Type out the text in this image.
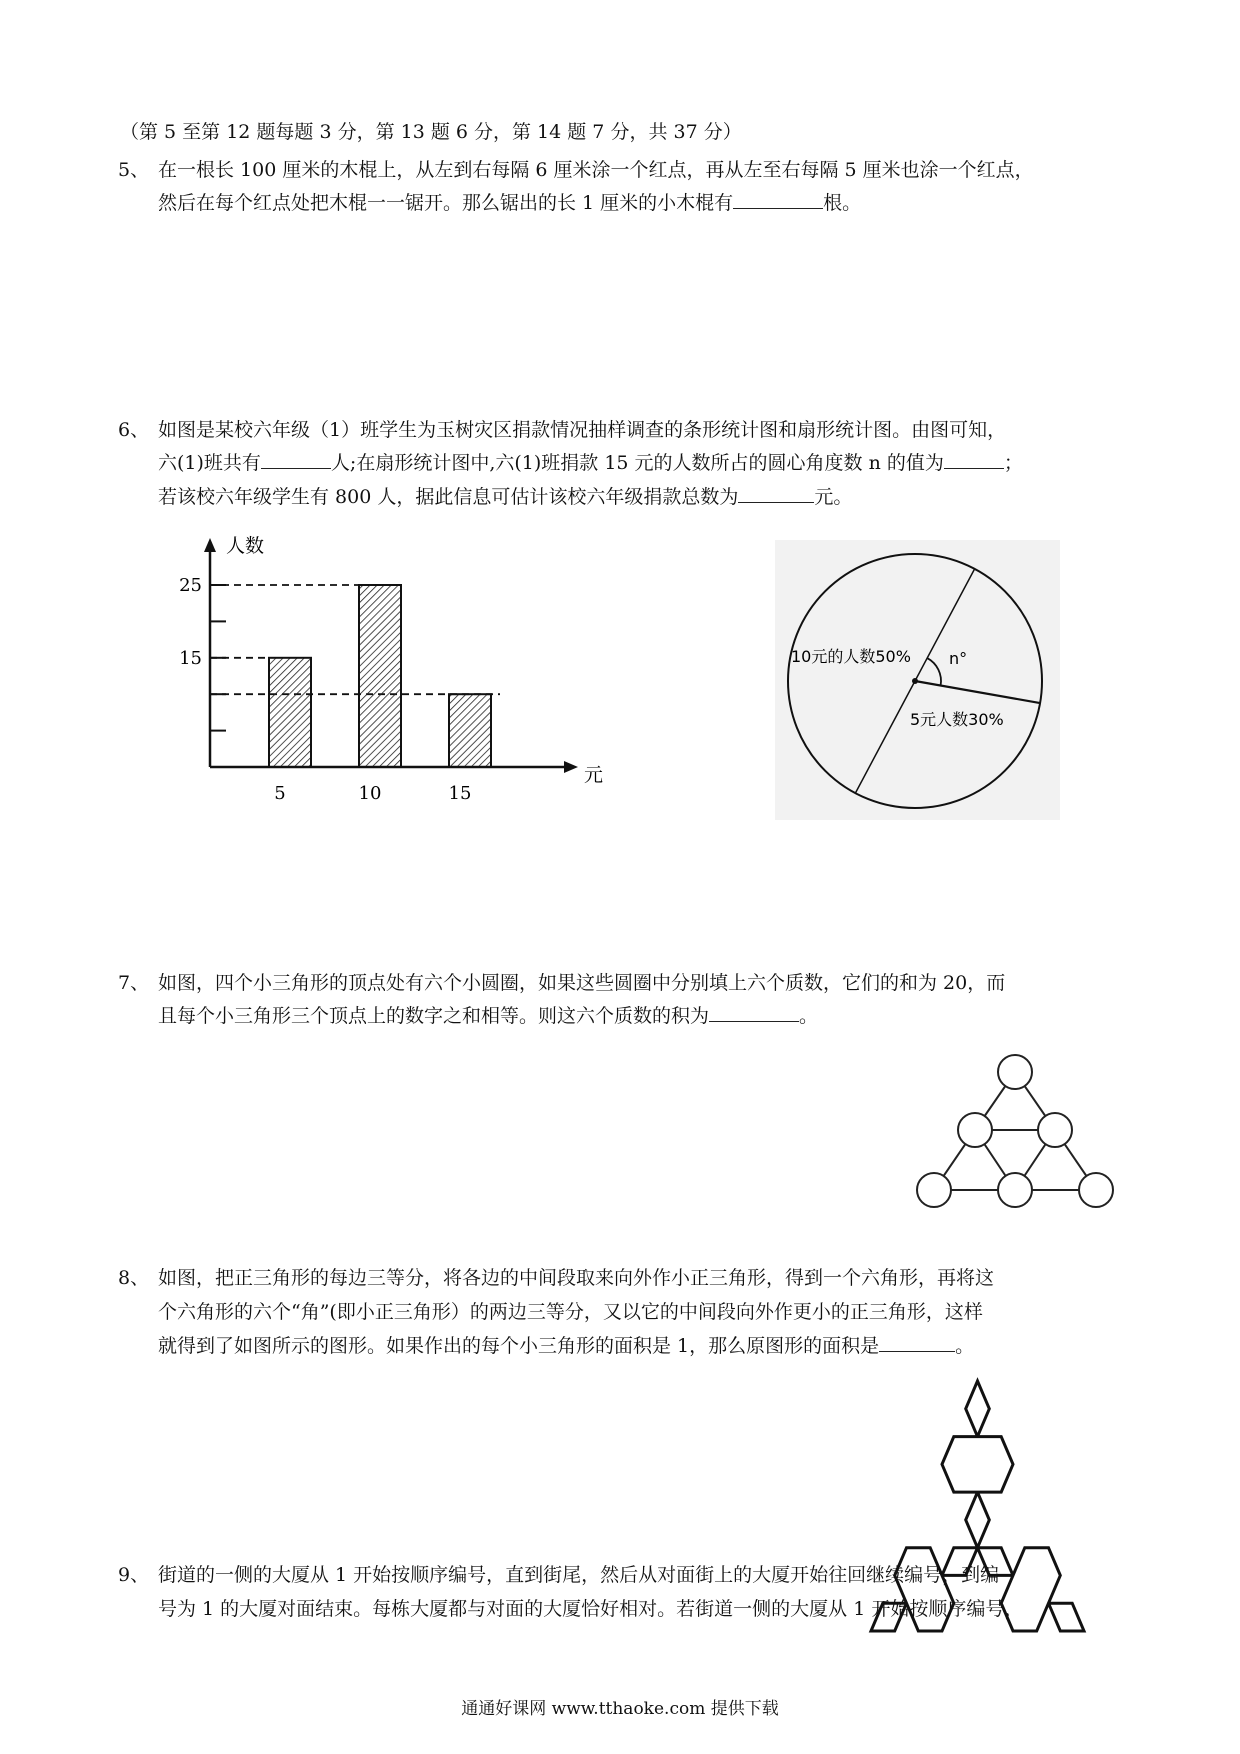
（第 5 至第 12 题每题 3 分，第 13 题 6 分，第 14 题 7 分，共 37 分）
5、 在一根长 100 厘米的木棍上，从左到右每隔 6 厘米涂一个红点，再从左至右每隔 5 厘米也涂一个红点，
然后在每个红点处把木棍一一锯开。那么锯出的长 1 厘米的小木棍有	根。
6、 如图是某校六年级（1）班学生为玉树灾区捐款情况抽样调查的条形统计图和扇形统计图。由图可知，
六(1)班共有	人;在扇形统计图中,六(1)班捐款 15 元的人数所占的圆心角度数 n 的值为	；
若该校六年级学生有 800 人，据此信息可估计该校六年级捐款总数为	元。
15
25
人数
元
5	10	15
10元的人数50%
5元人数30%
n°
7、 如图，四个小三角形的顶点处有六个小圆圈，如果这些圆圈中分别填上六个质数，它们的和为 20，而
且每个小三角形三个顶点上的数字之和相等。则这六个质数的积为	。
8、 如图，把正三角形的每边三等分，将各边的中间段取来向外作小正三角形，得到一个六角形，再将这
个六角形的六个“角”(即小正三角形）的两边三等分，又以它的中间段向外作更小的正三角形，这样
就得到了如图所示的图形。如果作出的每个小三角形的面积是 1，那么原图形的面积是	。
9、 街道的一侧的大厦从 1 开始按顺序编号，直到街尾，然后从对面街上的大厦开始往回继续编号，到编
号为 1 的大厦对面结束。每栋大厦都与对面的大厦恰好相对。若街道一侧的大厦从 1 开始按顺序编号，
通通好课网 www.tthaoke.com 提供下载
